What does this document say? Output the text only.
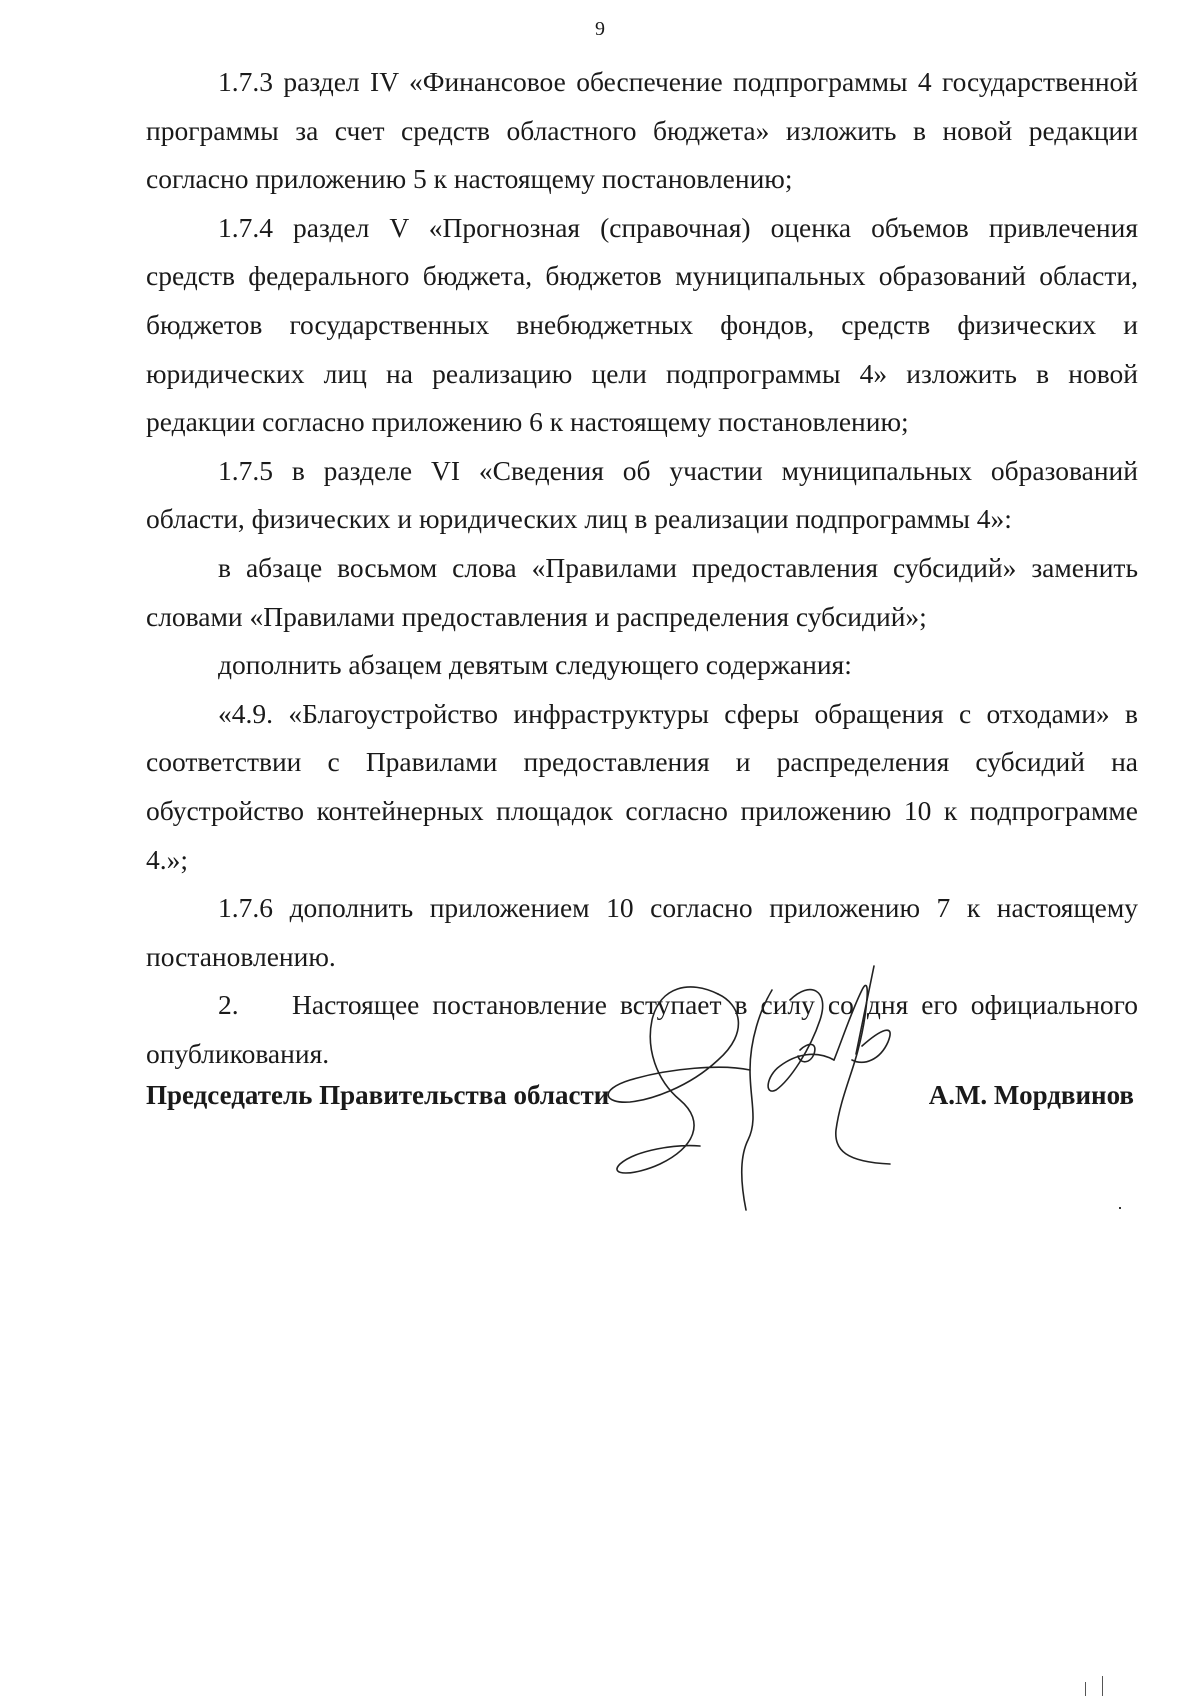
9

1.7.3 раздел IV «Финансовое обеспечение подпрограммы 4 государственной программы за счет средств областного бюджета» изложить в новой редакции согласно приложению 5 к настоящему постановлению;

1.7.4 раздел V «Прогнозная (справочная) оценка объемов привлечения средств федерального бюджета, бюджетов муниципальных образований области, бюджетов государственных внебюджетных фондов, средств физических и юридических лиц на реализацию цели подпрограммы 4» изложить в новой редакции согласно приложению 6 к настоящему постановлению;

1.7.5 в разделе VI «Сведения об участии муниципальных образований области, физических и юридических лиц в реализации подпрограммы 4»:

в абзаце восьмом слова «Правилами предоставления субсидий» заменить словами «Правилами предоставления и распределения субсидий»;

дополнить абзацем девятым следующего содержания:

«4.9. «Благоустройство инфраструктуры сферы обращения с отходами» в соответствии с Правилами предоставления и распределения субсидий на обустройство контейнерных площадок согласно приложению 10 к подпрограмме 4.»;

1.7.6 дополнить приложением 10 согласно приложению 7 к настоящему постановлению.

2. Настоящее постановление вступает в силу со дня его официального опубликования.

Председатель Правительства области	А.М. Мордвинов
